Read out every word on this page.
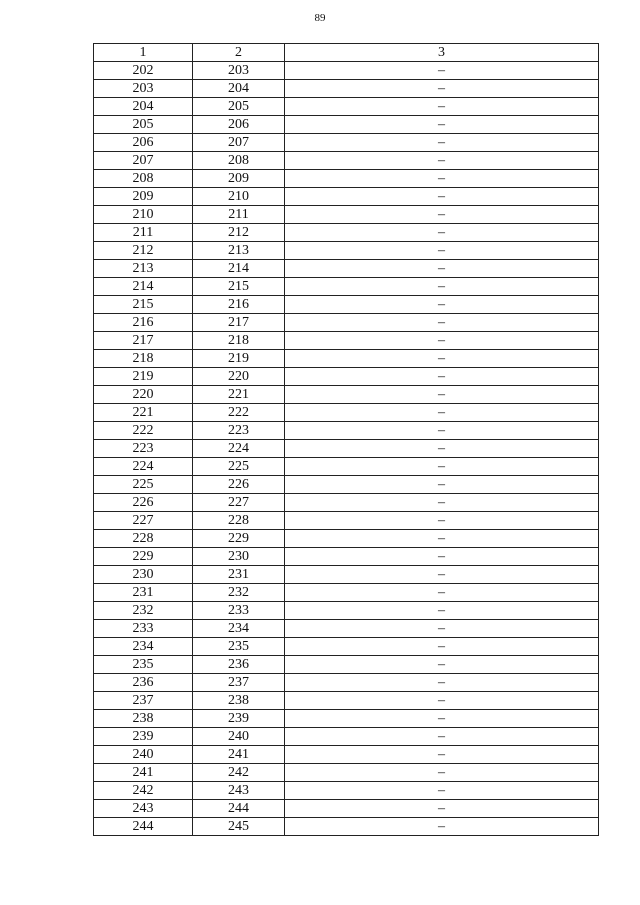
89
1	2	3
202	203	–
203	204	–
204	205	–
205	206	–
206	207	–
207	208	–
208	209	–
209	210	–
210	211	–
211	212	–
212	213	–
213	214	–
214	215	–
215	216	–
216	217	–
217	218	–
218	219	–
219	220	–
220	221	–
221	222	–
222	223	–
223	224	–
224	225	–
225	226	–
226	227	–
227	228	–
228	229	–
229	230	–
230	231	–
231	232	–
232	233	–
233	234	–
234	235	–
235	236	–
236	237	–
237	238	–
238	239	–
239	240	–
240	241	–
241	242	–
242	243	–
243	244	–
244	245	–
